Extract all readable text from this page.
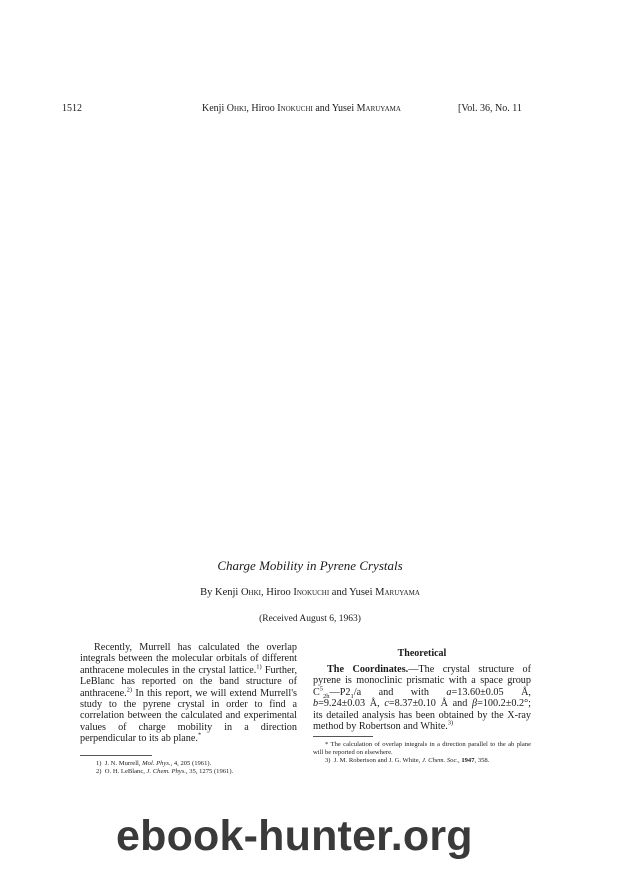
1512	Kenji Ohki, Hiroo Inokuchi and Yusei Maruyama	[Vol. 36, No. 11
Charge Mobility in Pyrene Crystals
By Kenji Ohki, Hiroo Inokuchi and Yusei Maruyama
(Received August 6, 1963)

Recently, Murrell has calculated the overlap integrals between the molecular orbitals of different anthracene molecules in the crystal lattice.$^{1)}$ Further, LeBlanc has reported on the band structure of anthracene.$^{2)}$ In this report, we will extend Murrell's study to the pyrene crystal in order to find a correlation between the calculated and experimental values of charge mobility in a direction perpendicular to its ab plane.*

1) J. N. Murrell, Mol. Phys., 4, 205 (1961).
2) O. H. LeBlanc, J. Chem. Phys., 35, 1275 (1961).
Theoretical

The Coordinates.—The crystal structure of pyrene is monoclinic prismatic with a space group $C^5_{2h}—P2_1/a$ and with a=13.60±0.05 Å, b=9.24±0.03 Å, c=8.37±0.10 Å and β=100.2±0.2°; its detailed analysis has been obtained by the X-ray method by Robertson and White.$^{3)}$

* The calculation of overlap integrals in a direction parallel to the ab plane will be reported on elsewhere.
3) J. M. Robertson and J. G. White, J. Chem. Soc., 1947, 358.
ebook-hunter.org
